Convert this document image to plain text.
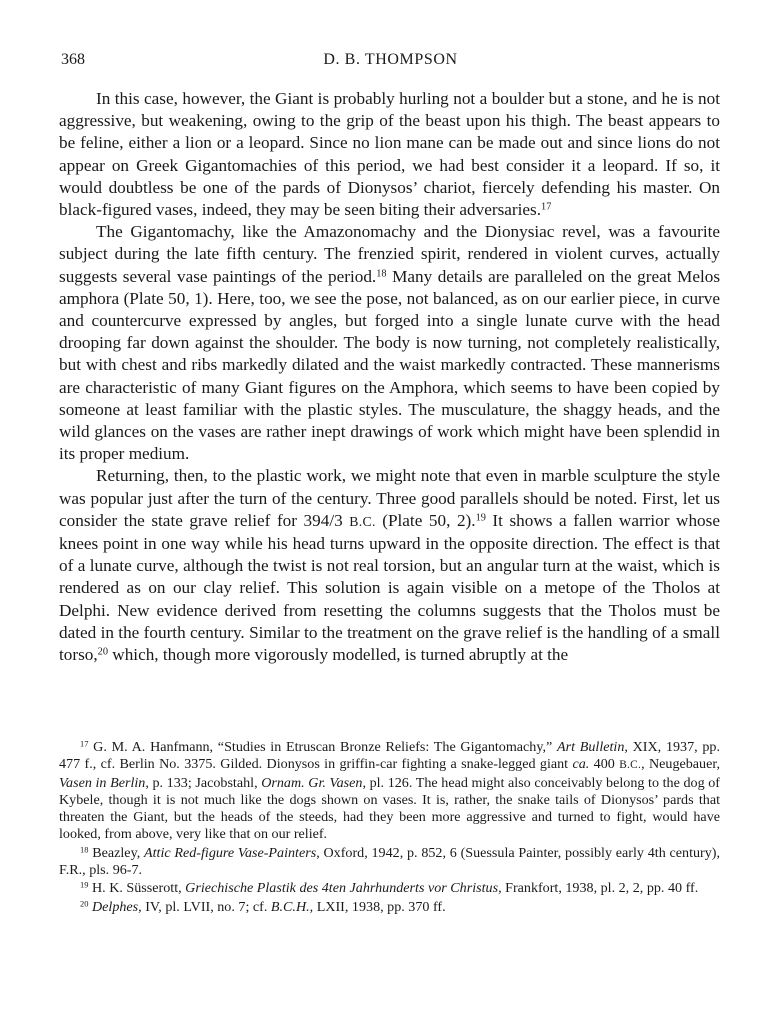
368	D. B. THOMPSON

In this case, however, the Giant is probably hurling not a boulder but a stone, and he is not aggressive, but weakening, owing to the grip of the beast upon his thigh. The beast appears to be feline, either a lion or a leopard. Since no lion mane can be made out and since lions do not appear on Greek Gigantomachies of this period, we had best consider it a leopard. If so, it would doubtless be one of the pards of Dionysos’ chariot, fiercely defending his master. On black-figured vases, indeed, they may be seen biting their adversaries.$^{17}$

The Gigantomachy, like the Amazonomachy and the Dionysiac revel, was a favourite subject during the late fifth century. The frenzied spirit, rendered in violent curves, actually suggests several vase paintings of the period.$^{18}$ Many details are paralleled on the great Melos amphora (Plate 50, 1). Here, too, we see the pose, not balanced, as on our earlier piece, in curve and countercurve expressed by angles, but forged into a single lunate curve with the head drooping far down against the shoulder. The body is now turning, not completely realistically, but with chest and ribs markedly dilated and the waist markedly contracted. These mannerisms are characteristic of many Giant figures on the Amphora, which seems to have been copied by someone at least familiar with the plastic styles. The musculature, the shaggy heads, and the wild glances on the vases are rather inept drawings of work which might have been splendid in its proper medium.

Returning, then, to the plastic work, we might note that even in marble sculpture the style was popular just after the turn of the century. Three good parallels should be noted. First, let us consider the state grave relief for 394/3 B.C. (Plate 50, 2).$^{19}$ It shows a fallen warrior whose knees point in one way while his head turns upward in the opposite direction. The effect is that of a lunate curve, although the twist is not real torsion, but an angular turn at the waist, which is rendered as on our clay relief. This solution is again visible on a metope of the Tholos at Delphi. New evidence derived from resetting the columns suggests that the Tholos must be dated in the fourth century. Similar to the treatment on the grave relief is the handling of a small torso,$^{20}$ which, though more vigorously modelled, is turned abruptly at the

$^{17}$ G. M. A. Hanfmann, “Studies in Etruscan Bronze Reliefs: The Gigantomachy,” Art Bulletin, XIX, 1937, pp. 477 f., cf. Berlin No. 3375. Gilded. Dionysos in griffin-car fighting a snake-legged giant ca. 400 B.C., Neugebauer, Vasen in Berlin, p. 133; Jacobstahl, Ornam. Gr. Vasen, pl. 126. The head might also conceivably belong to the dog of Kybele, though it is not much like the dogs shown on vases. It is, rather, the snake tails of Dionysos’ pards that threaten the Giant, but the heads of the steeds, had they been more aggressive and turned to fight, would have looked, from above, very like that on our relief.

$^{18}$ Beazley, Attic Red-figure Vase-Painters, Oxford, 1942, p. 852, 6 (Suessula Painter, possibly early 4th century), F.R., pls. 96-7.

$^{19}$ H. K. Süsserott, Griechische Plastik des 4ten Jahrhunderts vor Christus, Frankfort, 1938, pl. 2, 2, pp. 40 ff.

$^{20}$ Delphes, IV, pl. LVII, no. 7; cf. B.C.H., LXII, 1938, pp. 370 ff.
